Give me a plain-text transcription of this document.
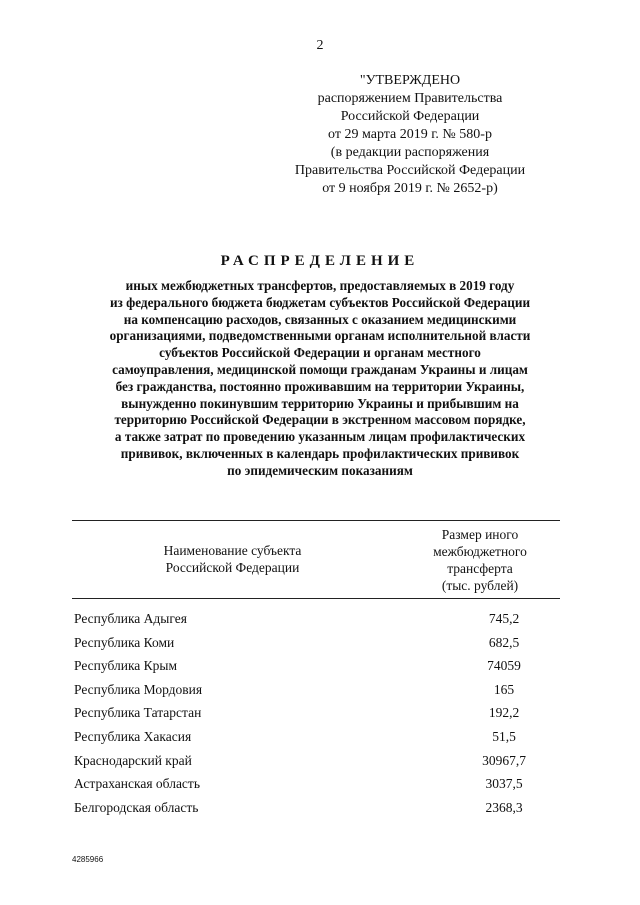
2
"УТВЕРЖДЕНО
распоряжением Правительства
Российской Федерации
от 29 марта 2019 г. № 580-р
(в редакции распоряжения
Правительства Российской Федерации
от 9 ноября 2019 г. № 2652-р)
РАСПРЕДЕЛЕНИЕ
иных межбюджетных трансфертов, предоставляемых в 2019 году
из федерального бюджета бюджетам субъектов Российской Федерации
на компенсацию расходов, связанных с оказанием медицинскими
организациями, подведомственными органам исполнительной власти
субъектов Российской Федерации и органам местного
самоуправления, медицинской помощи гражданам Украины и лицам
без гражданства, постоянно проживавшим на территории Украины,
вынужденно покинувшим территорию Украины и прибывшим на
территорию Российской Федерации в экстренном массовом порядке,
а также затрат по проведению указанным лицам профилактических
прививок, включенных в календарь профилактических прививок
по эпидемическим показаниям
Наименование субъекта
Российской Федерации
Размер иного
межбюджетного
трансферта
(тыс. рублей)
Республика Адыгея	745,2
Республика Коми	682,5
Республика Крым	74059
Республика Мордовия	165
Республика Татарстан	192,2
Республика Хакасия	51,5
Краснодарский край	30967,7
Астраханская область	3037,5
Белгородская область	2368,3
4285966
